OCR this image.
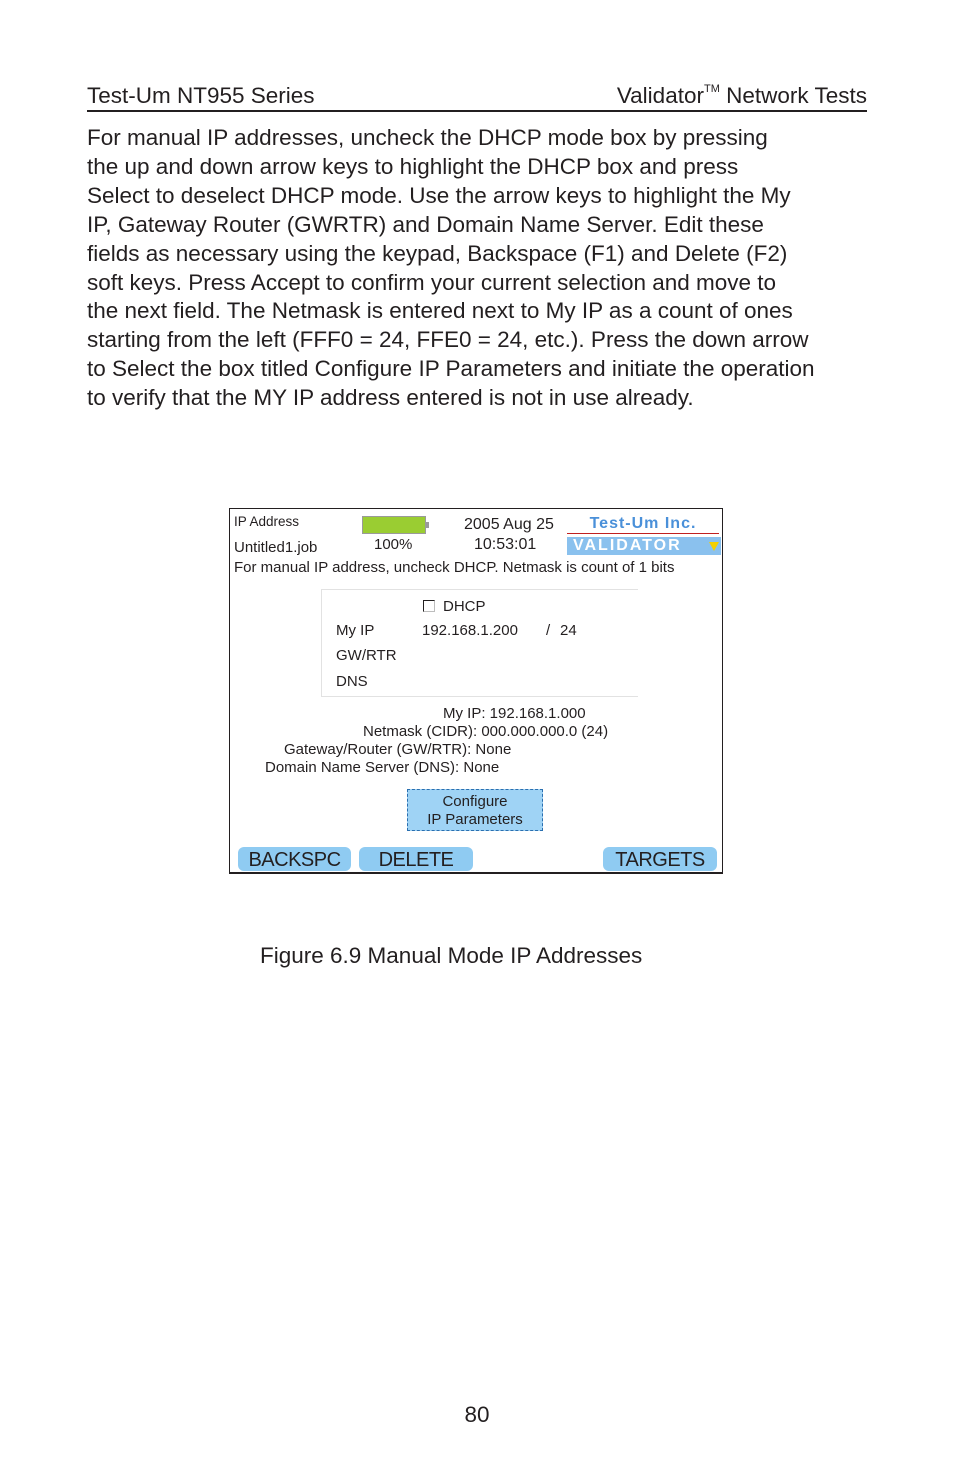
Test-Um NT955 Series	Validator™ Network Tests

For manual IP addresses, uncheck the DHCP mode box by pressing

the up and down arrow keys to highlight the DHCP box and press

Select to deselect DHCP mode. Use the arrow keys to highlight the My

IP, Gateway Router (GWRTR) and Domain Name Server. Edit these

fields as necessary using the keypad, Backspace (F1) and Delete (F2)

soft keys. Press Accept to confirm your current selection and move to

the next field. The Netmask is entered next to My IP as a count of ones

starting from the left (FFF0 = 24, FFE0 = 24, etc.). Press the down arrow

to Select the box titled Configure IP Parameters and initiate the operation

to verify that the MY IP address entered is not in use already.

IP Address
Untitled1.job	100%
2005 Aug 25
10:53:01
Test-Um Inc.
VALIDATOR
For manual IP address, uncheck DHCP. Netmask is count of 1 bits
DHCP
My IP	192.168.1.200 / 24
GW/RTR
DNS
My IP: 192.168.1.000
Netmask (CIDR): 000.000.000.0 (24)
Gateway/Router (GW/RTR): None
Domain Name Server (DNS): None
Configure
IP Parameters
BACKSPC	DELETE	TARGETS
Figure 6.9 Manual Mode IP Addresses
80
